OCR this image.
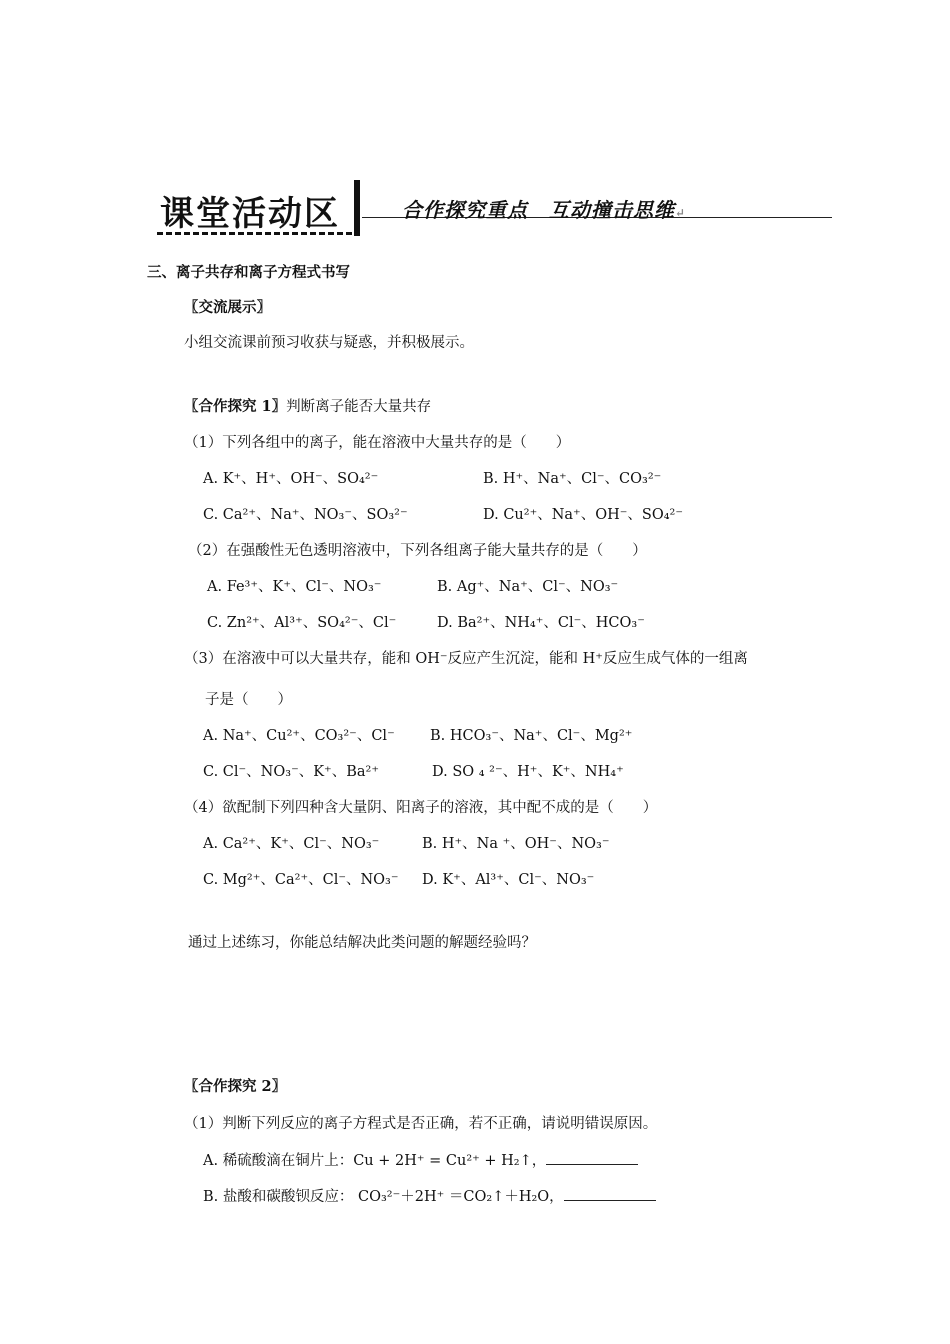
课堂活动区	合作探究重点　互动撞击思维↵
三、离子共存和离子方程式书写
〖交流展示〗
小组交流课前预习收获与疑惑，并积极展示。
〖合作探究 1〗判断离子能否大量共存
（1）下列各组中的离子，能在溶液中大量共存的是（　　）
A. K⁺、H⁺、OH⁻、SO₄²⁻	B. H⁺、Na⁺、Cl⁻、CO₃²⁻
C. Ca²⁺、Na⁺、NO₃⁻、SO₃²⁻	D. Cu²⁺、Na⁺、OH⁻、SO₄²⁻
（2）在强酸性无色透明溶液中，下列各组离子能大量共存的是（　　）
A. Fe³⁺、K⁺、Cl⁻、NO₃⁻	B. Ag⁺、Na⁺、Cl⁻、NO₃⁻
C. Zn²⁺、Al³⁺、SO₄²⁻、Cl⁻	D. Ba²⁺、NH₄⁺、Cl⁻、HCO₃⁻
（3）在溶液中可以大量共存，能和 OH⁻反应产生沉淀，能和 H⁺反应生成气体的一组离
子是（　　）
A. Na⁺、Cu²⁺、CO₃²⁻、Cl⁻ B. HCO₃⁻、Na⁺、Cl⁻、Mg²⁺
C. Cl⁻、NO₃⁻、K⁺、Ba²⁺	D. SO ₄ ²⁻、H⁺、K⁺、NH₄⁺
（4）欲配制下列四种含大量阴、阳离子的溶液，其中配不成的是（　　）
A. Ca²⁺、K⁺、Cl⁻、NO₃⁻	B. H⁺、Na ⁺、OH⁻、NO₃⁻
C. Mg²⁺、Ca²⁺、Cl⁻、NO₃⁻ D. K⁺、Al³⁺、Cl⁻、NO₃⁻
通过上述练习，你能总结解决此类问题的解题经验吗？
〖合作探究 2〗
（1）判断下列反应的离子方程式是否正确，若不正确，请说明错误原因。
A. 稀硫酸滴在铜片上：Cu + 2H⁺ = Cu²⁺ + H₂↑，
B. 盐酸和碳酸钡反应： CO₃²⁻＋2H⁺ ＝CO₂↑＋H₂O，
